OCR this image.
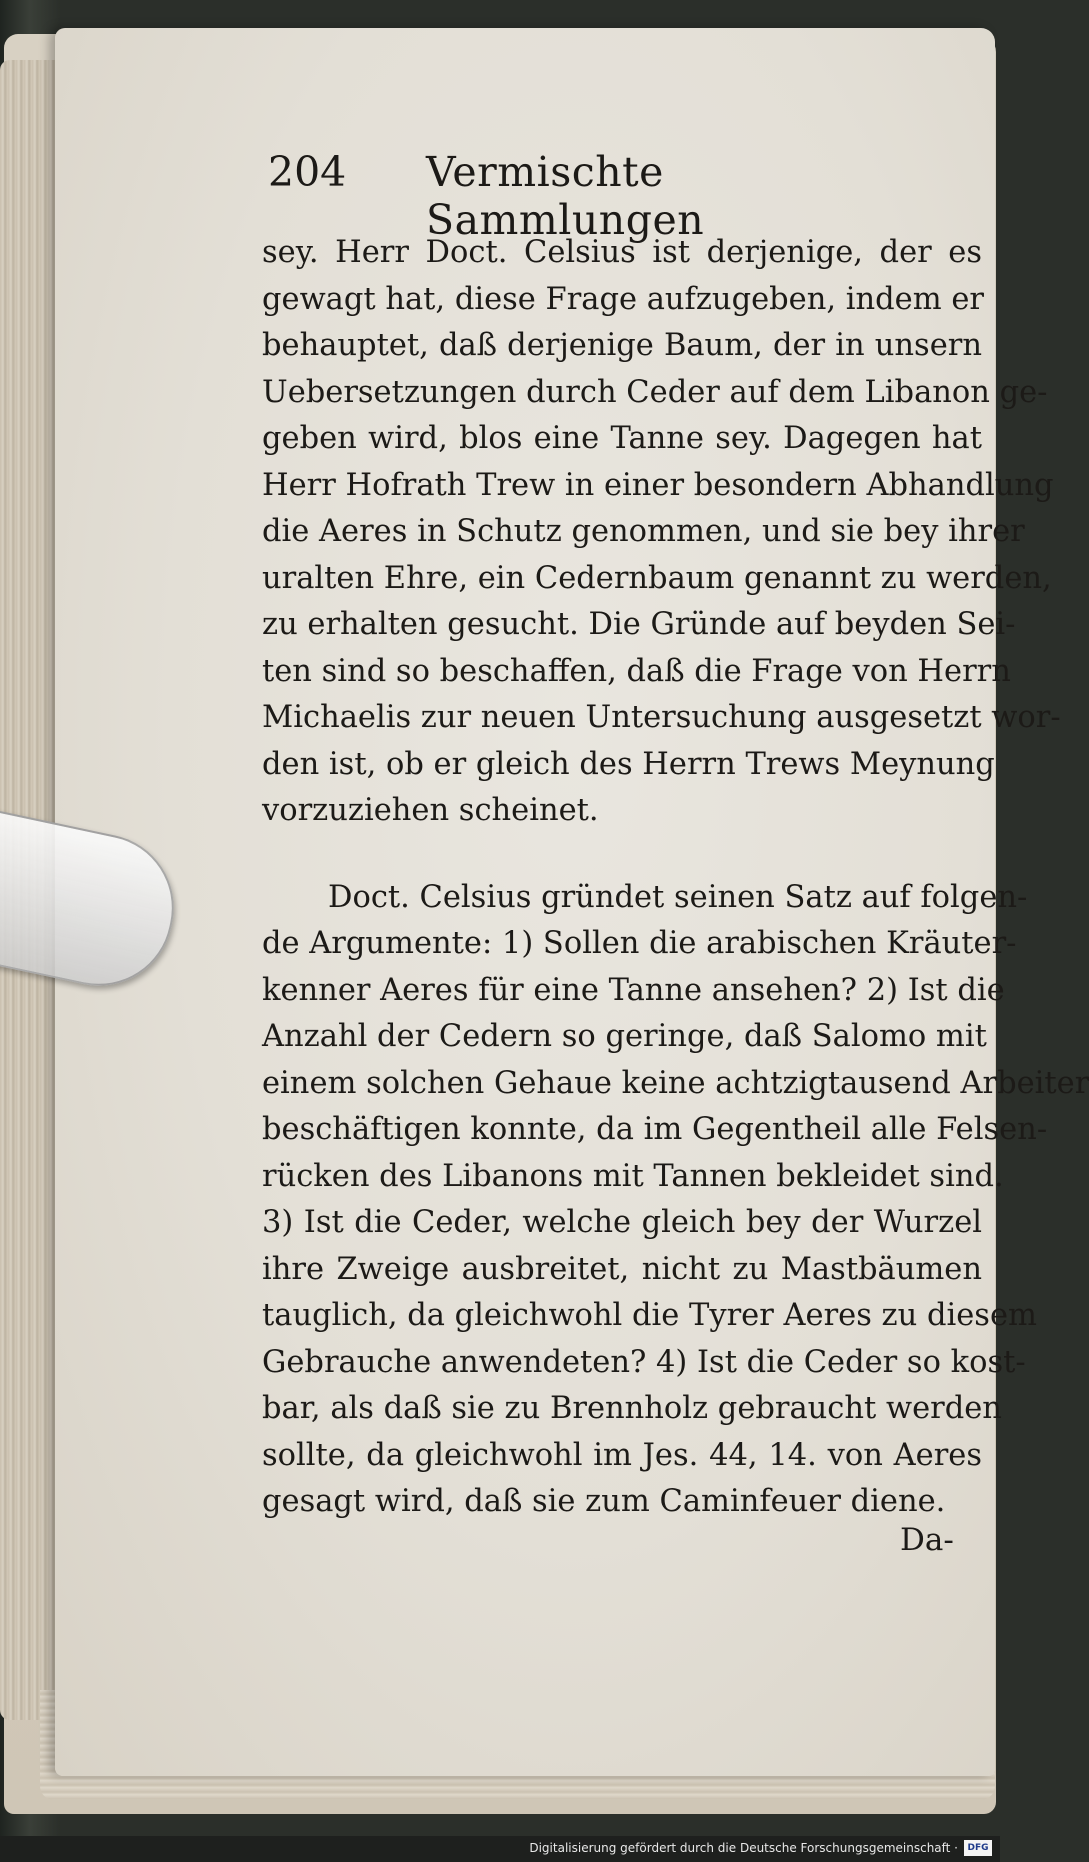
204 Vermischte Sammlungen
sey. Herr Doct. Celsius ist derjenige, der es
gewagt hat, diese Frage aufzugeben, indem er
behauptet, daß derjenige Baum, der in unsern
Uebersetzungen durch Ceder auf dem Libanon ge-
geben wird, blos eine Tanne sey. Dagegen hat
Herr Hofrath Trew in einer besondern Abhandlung
die Aeres in Schutz genommen, und sie bey ihrer
uralten Ehre, ein Cedernbaum genannt zu werden,
zu erhalten gesucht. Die Gründe auf beyden Sei-
ten sind so beschaffen, daß die Frage von Herrn
Michaelis zur neuen Untersuchung ausgesetzt wor-
den ist, ob er gleich des Herrn Trews Meynung
vorzuziehen scheinet.
Doct. Celsius gründet seinen Satz auf folgen-
de Argumente: 1) Sollen die arabischen Kräuter-
kenner Aeres für eine Tanne ansehen? 2) Ist die
Anzahl der Cedern so geringe, daß Salomo mit
einem solchen Gehaue keine achtzigtausend Arbeiter
beschäftigen konnte, da im Gegentheil alle Felsen-
rücken des Libanons mit Tannen bekleidet sind.
3) Ist die Ceder, welche gleich bey der Wurzel
ihre Zweige ausbreitet, nicht zu Mastbäumen
tauglich, da gleichwohl die Tyrer Aeres zu diesem
Gebrauche anwendeten? 4) Ist die Ceder so kost-
bar, als daß sie zu Brennholz gebraucht werden
sollte, da gleichwohl im Jes. 44, 14. von Aeres
gesagt wird, daß sie zum Caminfeuer diene.
Da-
Digitalisierung gefördert durch die Deutsche Forschungsgemeinschaft ·	DFG
